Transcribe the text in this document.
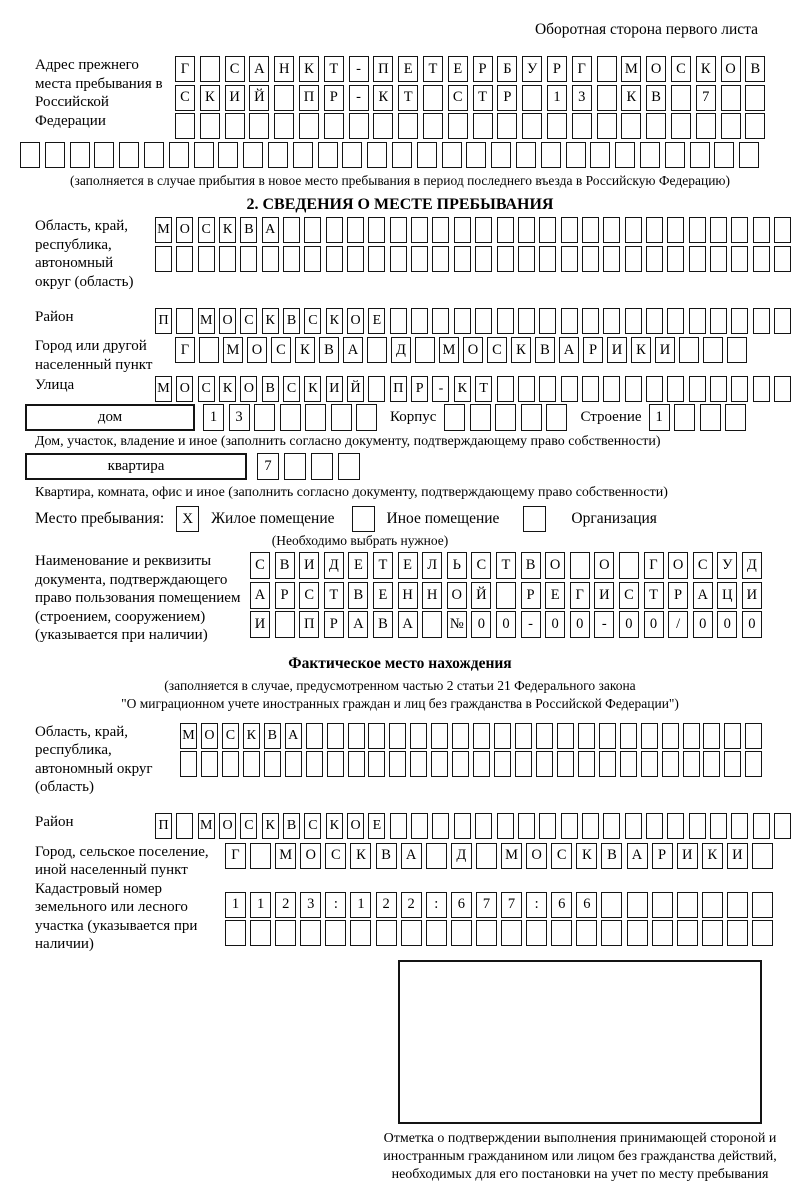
Оборотная сторона первого листа
Адрес прежнего места пребывания в Российской Федерации
Г	С	А Н	К	Т	-	П	Е	Т	Е	Р	Б	У	Р	Г	М О	С	К	О	В
С	К	И Й	П	Р	-	К	Т	С	Т	Р	1	3	К	В	7
(заполняется в случае прибытия в новое место пребывания в период последнего въезда в Российскую Федерацию)
2. СВЕДЕНИЯ О МЕСТЕ ПРЕБЫВАНИЯ
Область, край, республика, автономный округ (область)
М О С К В А
Район	П М О С К В С К О Е
Город или другой населенный пункт
Г	М О С К В А	Д	М О С К В А	Р	И К И
Улица	М О С К О В С К И Й П Р	-	К Т
дом	1	3	Корпус	Строение 1
Дом, участок, владение и иное (заполнить согласно документу, подтверждающему право собственности)
квартира	7
Квартира, комната, офис и иное (заполнить согласно документу, подтверждающему право собственности)
Место пребывания:	X	Жилое помещение	Иное помещение	Организация
(Необходимо выбрать нужное)
Наименование и реквизиты документа, подтверждающего право пользования помещением (строением, сооружением) (указывается при наличии)
С	В	И Д	Е	Т	Е	Л	Ь	С	Т	В	О	О	Г	О	С	У	Д
А	Р	С	Т	В	Е	Н Н О Й	Р	Е	Г	И	С	Т	Р	А Ц И
И	П	Р	А	В	А	№ 0	0	-	0	0	-	0	0	/	0	0	0
Фактическое место нахождения
(заполняется в случае, предусмотренном частью 2 статьи 21 Федерального закона
"О миграционном учете иностранных граждан и лиц без гражданства в Российской Федерации")
Область, край, республика, автономный округ (область)
М О С К В А
Район	П М О С К В С К О Е
Город, сельское поселение, иной населенный пункт
Г	М О	С	К	В	А	Д	М О	С	К	В	А	Р	И	К	И
Кадастровый номер земельного или лесного участка (указывается при наличии)
1	1	2	3	:	1	2	2	:	6	7	7	:	6	6
Отметка о подтверждении выполнения принимающей стороной и иностранным гражданином или лицом без гражданства действий, необходимых для его постановки на учет по месту пребывания
